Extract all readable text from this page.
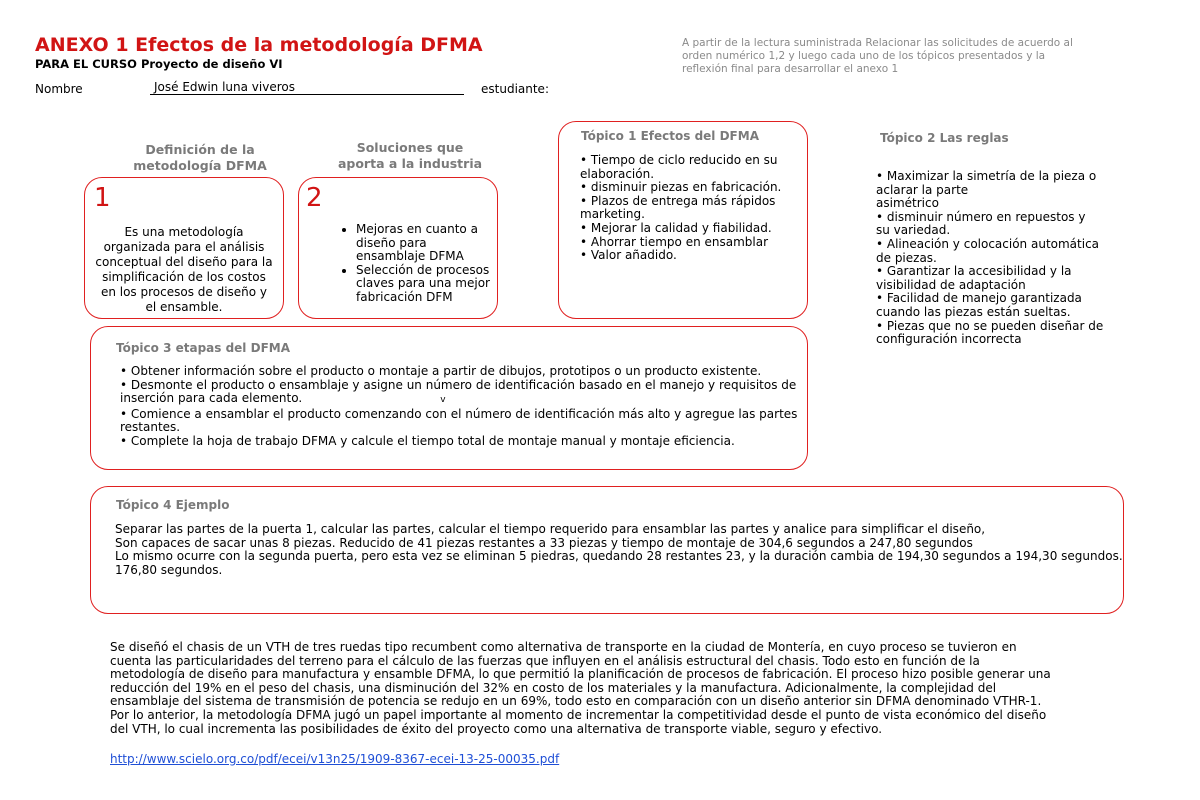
ANEXO 1 Efectos de la metodología DFMA
PARA EL CURSO Proyecto de diseño VI
A partir de la lectura suministrada Relacionar las solicitudes de acuerdo al orden numérico 1,2 y luego cada uno de los tópicos presentados y la reflexión final para desarrollar el anexo 1
Nombre	José Edwin luna viveros	estudiante:
Definición de la
metodología DFMA
1
Es una metodología
organizada para el análisis
conceptual del diseño para la
simplificación de los costos
en los procesos de diseño y
el ensamble.
Soluciones que
aporta a la industria
2
• Mejoras en cuanto a
diseño para
ensamblaje DFMA
• Selección de procesos
claves para una mejor
fabricación DFM
Tópico 1 Efectos del DFMA
• Tiempo de ciclo reducido en su
elaboración.
• disminuir piezas en fabricación.
• Plazos de entrega más rápidos
marketing.
• Mejorar la calidad y fiabilidad.
• Ahorrar tiempo en ensamblar
• Valor añadido.
Tópico 2 Las reglas
• Maximizar la simetría de la pieza o
aclarar la parte
asimétrico
• disminuir número en repuestos y
su variedad.
• Alineación y colocación automática
de piezas.
• Garantizar la accesibilidad y la
visibilidad de adaptación
• Facilidad de manejo garantizada
cuando las piezas están sueltas.
• Piezas que no se pueden diseñar de
configuración incorrecta
Tópico 3 etapas del DFMA
• Obtener información sobre el producto o montaje a partir de dibujos, prototipos o un producto existente.
• Desmonte el producto o ensamblaje y asigne un número de identificación basado en el manejo y requisitos de
inserción para cada elemento.	v
• Comience a ensamblar el producto comenzando con el número de identificación más alto y agregue las partes
restantes.
• Complete la hoja de trabajo DFMA y calcule el tiempo total de montaje manual y montaje eficiencia.
Tópico 4 Ejemplo
Separar las partes de la puerta 1, calcular las partes, calcular el tiempo requerido para ensamblar las partes y analice para simplificar el diseño,
Son capaces de sacar unas 8 piezas. Reducido de 41 piezas restantes a 33 piezas y tiempo de montaje de 304,6 segundos a 247,80 segundos
Lo mismo ocurre con la segunda puerta, pero esta vez se eliminan 5 piedras, quedando 28 restantes 23, y la duración cambia de 194,30 segundos a 194,30 segundos.
176,80 segundos.
Se diseñó el chasis de un VTH de tres ruedas tipo recumbent como alternativa de transporte en la ciudad de Montería, en cuyo proceso se tuvieron en
cuenta las particularidades del terreno para el cálculo de las fuerzas que influyen en el análisis estructural del chasis. Todo esto en función de la
metodología de diseño para manufactura y ensamble DFMA, lo que permitió la planificación de procesos de fabricación. El proceso hizo posible generar una
reducción del 19% en el peso del chasis, una disminución del 32% en costo de los materiales y la manufactura. Adicionalmente, la complejidad del
ensamblaje del sistema de transmisión de potencia se redujo en un 69%, todo esto en comparación con un diseño anterior sin DFMA denominado VTHR-1.
Por lo anterior, la metodología DFMA jugó un papel importante al momento de incrementar la competitividad desde el punto de vista económico del diseño
del VTH, lo cual incrementa las posibilidades de éxito del proyecto como una alternativa de transporte viable, seguro y efectivo.
http://www.scielo.org.co/pdf/ecei/v13n25/1909-8367-ecei-13-25-00035.pdf
